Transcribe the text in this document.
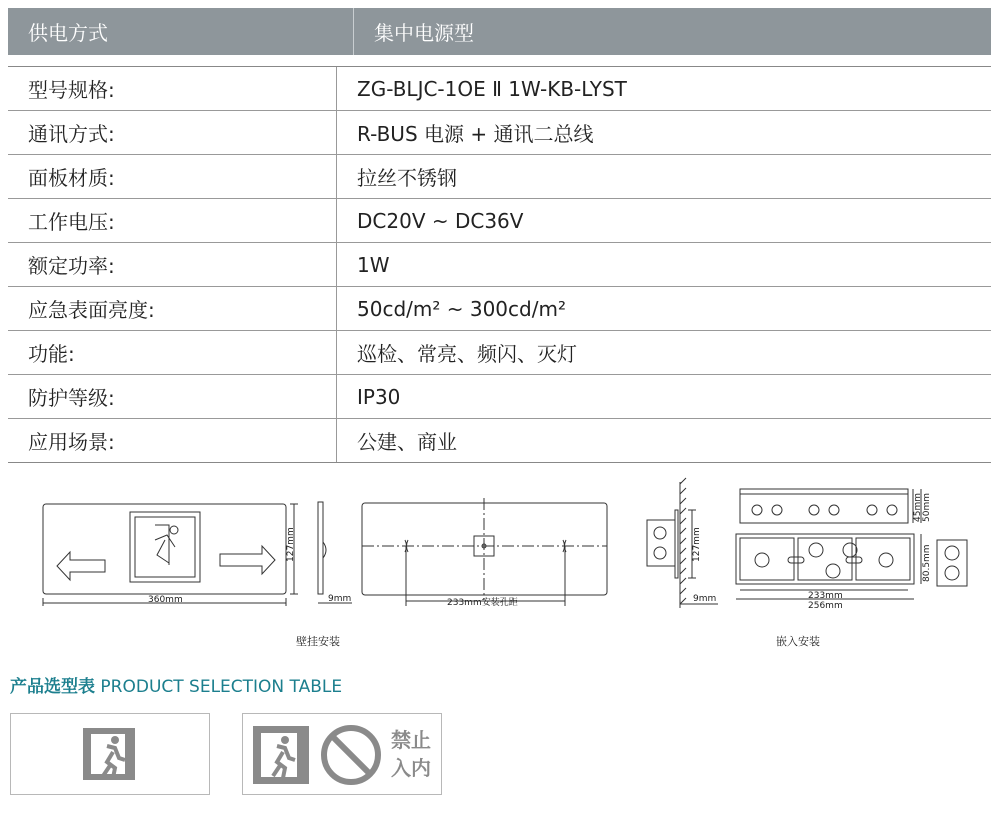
供电方式	集中电源型
型号规格:	ZG-BLJC-1OE Ⅱ 1W-KB-LYST
通讯方式:	R-BUS 电源 + 通讯二总线
面板材质:	拉丝不锈钢
工作电压:	DC20V ~ DC36V
额定功率:	1W
应急表面亮度:	50cd/m² ~ 300cd/m²
功能:	巡检、常亮、频闪、灭灯
防护等级:	IP30
应用场景:	公建、商业
360mm
127mm
9mm	233mm安装孔距
127mm
9mm
45mm 50mm
80.5mm
233mm
256mm
壁挂安装	嵌入安装
产品选型表 PRODUCT SELECTION TABLE
禁止
入内
